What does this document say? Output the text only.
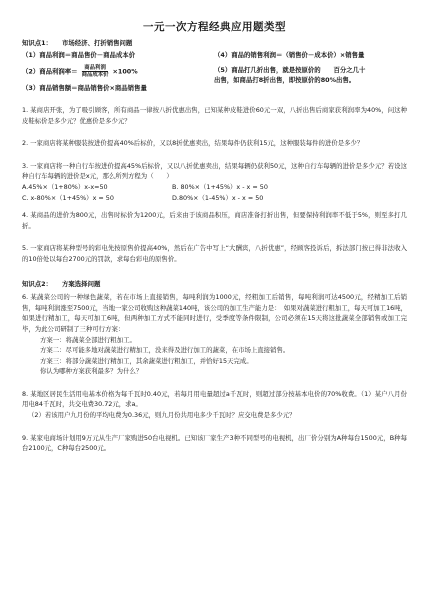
一元一次方程经典应用题类型
知识点1： 市场经济、打折销售问题
（1）商品利润＝商品售价－商品成本价
（2）商品利润率＝ $\frac{\text{商品利润}}{\text{商品成本价}} \times 100\%$
（3）商品销售额＝商品销售价×商品销售量
（4）商品的销售利润＝（销售价－成本价）×销售量
（5）商品打几折出售，就是按原价的　　百分之几十
出售，如商品打8折出售，即按原价的80%出售。
1. 某商店开张，为了吸引顾客，所有商品一律按八折优惠出售，已知某种皮鞋进价60元一双，八折出售后商家获利润率为40%，问这种皮鞋标价是多少元？优惠价是多少元？
2. 一家商店将某种服装按进价提高40%后标价，又以8折优惠卖出，结果每件仍获利15元，这种服装每件的进价是多少？
3. 一家商店将一种自行车按进价提高45%后标价，又以八折优惠卖出，结果每辆仍获利50元，这种自行车每辆的进价是多少元？若设这种自行车每辆的进价是x元，那么所列方程为（　　）
A.45%×（1+80%）x-x=50	B. 80%×（1+45%）x - x = 50
C. x-80%×（1+45%）x = 50	D.80%×（1-45%）x - x = 50
4. 某商品的进价为800元，出售时标价为1200元，后来由于该商品积压，商店准备打折出售，但要保持利润率不低于5%，则至多打几折。
5. 一家商店将某种型号的彩电先按原售价提高40%，然后在广告中写上“大酬宾，八折优惠”，经顾客投诉后，拆法部门按已得非法收入的10倍处以每台2700元的罚款，求每台彩电的原售价。
知识点2： 方案选择问题
6. 某蔬菜公司的一种绿色蔬菜，若在市场上直接销售，每吨利润为1000元，经粗加工后销售，每吨利润可达4500元，经精加工后销售，每吨利润涨至7500元，当地一家公司收购这种蔬菜140吨，该公司的加工生产能力是：　如果对蔬菜进行粗加工，每天可加工16吨，如果进行精加工，每天可加工6吨，但两种加工方式不能同时进行，受季度等条件限制，公司必须在15天将这批蔬菜全部销售或加工完毕，为此公司研制了三种可行方案：
方案一：将蔬菜全部进行粗加工。
方案二：尽可能多地对蔬菜进行精加工，没来得及进行加工的蔬菜，在市场上直接销售。
方案三：将部分蔬菜进行精加工，其余蔬菜进行粗加工，并恰好15天完成。
你认为哪种方案获利最多？为什么？
8. 某地区居民生活用电基本价格为每千瓦时0.40元，若每月用电量超过a千瓦时，则超过部分按基本电价的70%收费。（1）某户八月份用电84千瓦时，共交电费30.72元，求a。
（2）若该用户九月份的平均电费为0.36元，则九月份共用电多少千瓦时？应交电费是多少元？
9. 某家电商场计划用9万元从生产厂家购进50台电视机。已知该厂家生产3种不同型号的电视机，出厂价分别为A种每台1500元，B种每台2100元，C种每台2500元。
